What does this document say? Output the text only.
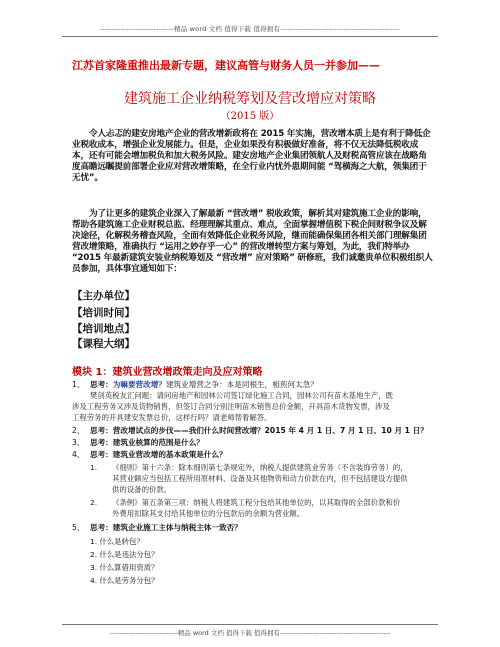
-----------------------------精品 word 文档 值得下载 值得拥有-----------------------------------------------
江苏首家隆重推出最新专题，建议高管与财务人员一并参加——
建筑施工企业纳税筹划及营改增应对策略
（2015 版）
令人忐忑的建安房地产企业的营改增新政将在 2015 年实施，营改增本质上是有利于降低企业税收成本，增强企业发展能力。但是，企业如果没有积极做好准备，将不仅无法降低税收成本，还有可能会增加税负和加大税务风险。建安房地产企业集团领航人及财税高管应该在战略角度高瞻远瞩提前部署企业应对营改增策略，在全行业内忧外患期间能 “驾横海之大航，领集团于无忧”。
为了让更多的建筑企业深入了解最新 “营改增” 税收政策，解析其对建筑施工企业的影响，帮助各建筑施工企业财税总监、经理理解其重点、难点，全面掌握增值税下税企间财税争议及解决途径，化解税务稽查风险，全面有效降低企业税务风险，继而能确保集团各相关部门理解集团营改增策略，准确执行 “运用之妙存乎一心” 的营改增转型方案与筹划，为此，我们特举办 “2015 年最新建筑安装业纳税筹划及 “营改增” 应对策略” 研修班，我们诚邀贵单位积极组织人员参加，具体事宜通知如下：
【主办单位】
【培训时间】
【培训地点】
【课程大纲】
模块 1：建筑业营改增政策走向及应对策略
1、 思考：为嘛要营改增？建筑业增营之争：本是同根生，相煎何太急？
樊剑英税友汇问题：请问房地产和园林公司签订绿化施工合同，园林公司有苗木基地生产，既
涉及工程劳务又涉及货物销售，但签订合同分别注明苗木销售总价金额，开具苗木货物发票，涉及
工程劳务的开具建安发票总价，这样行吗？请老师帮着解答。
2、 思考：营改增试点的步伐——我们什么时间营改增？2015 年 4 月 1 日、7 月 1 日、10 月 1 日？
3、 思考：建筑业核算的范围是什么？
4、 思考：建筑业营改增的基本政策是什么？
1. 《细则》第十六条：除本细则第七条规定外，纳税人提供建筑业劳务（不含装饰劳务）的，
其营业额应当包括工程所用原材料、设备及其他物资和动力价款在内，但不包括建设方提供
供的设备的价款。
2. 《条例》第五条第三项：纳税人将建筑工程分包给其他单位的，以其取得的全部价款和价
外费用扣除其支付给其他单位的分包款后的余额为营业额。
5、 思考：建筑企业施工主体与纳税主体一致否？
1. 什么是转包？
2. 什么是违法分包？
3. 什么算借用资质？
4. 什么是劳务分包？
-----------------------------精品 word 文档 值得下载 值得拥有-----------------------------------------------
